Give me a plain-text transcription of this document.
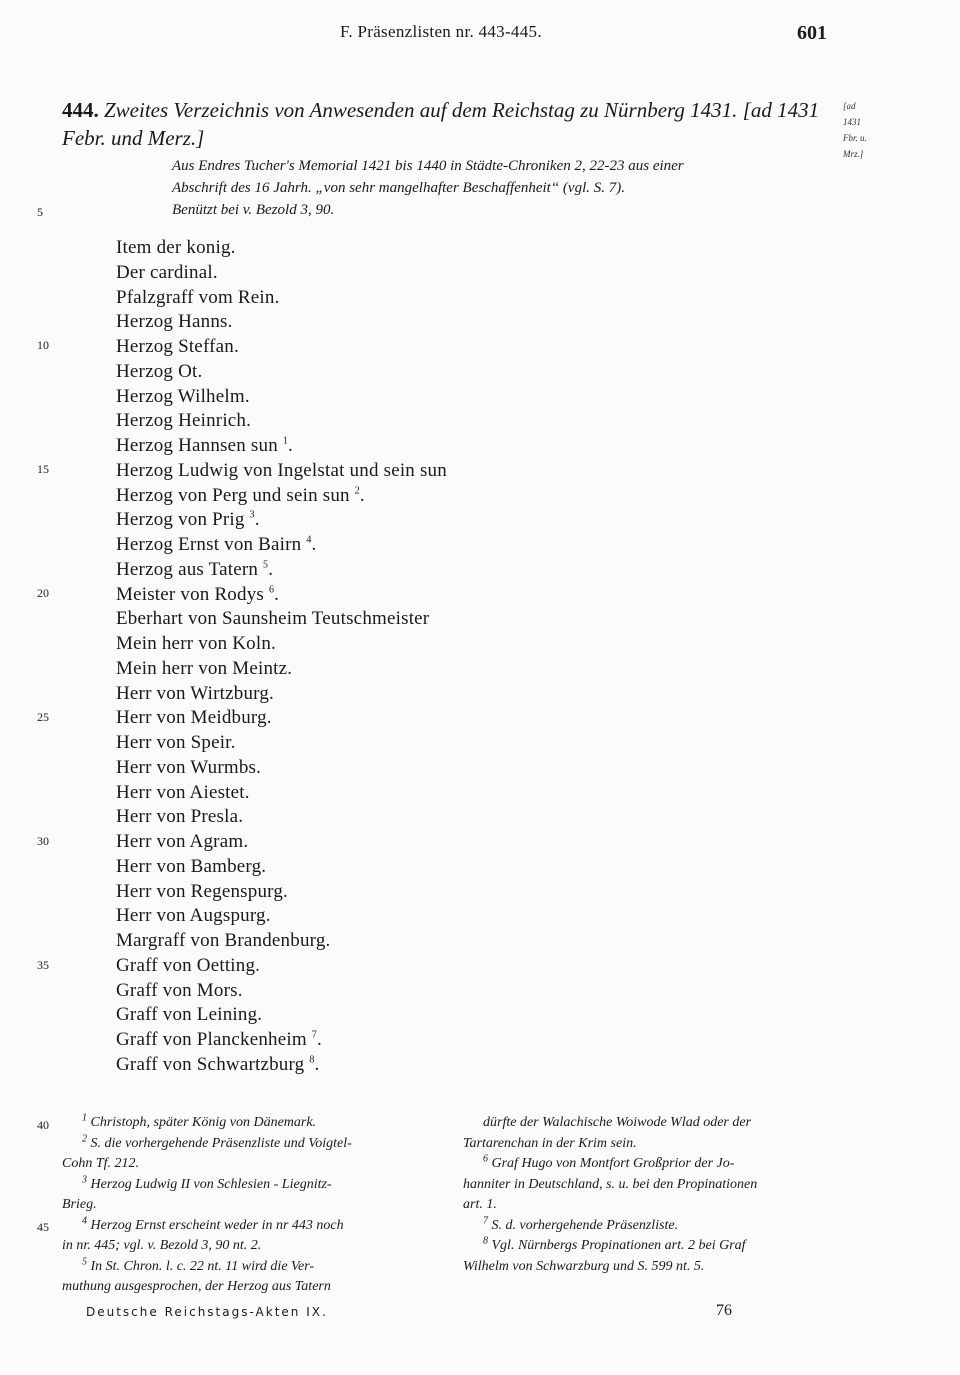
F. Präsenzlisten nr. 443-445.	601
444. Zweites Verzeichnis von Anwesenden auf dem Reichstag zu Nürnberg 1431. [ad 1431 Febr. und Merz.]
[ad
1431
Fbr. u.
Mrz.]
Aus Endres Tucher's Memorial 1421 bis 1440 in Städte-Chroniken 2, 22-23 aus einer
Abschrift des 16 Jahrh. „von sehr mangelhafter Beschaffenheit“ (vgl. S. 7).
Benützt bei v. Bezold 3, 90.
5
10
15
20
25
30
35
40
45
Item der konig.
Der cardinal.
Pfalzgraff vom Rein.
Herzog Hanns.
Herzog Steffan.
Herzog Ot.
Herzog Wilhelm.
Herzog Heinrich.
Herzog Hannsen sun $^1$.
Herzog Ludwig von Ingelstat und sein sun
Herzog von Perg und sein sun $^2$.
Herzog von Prig $^3$.
Herzog Ernst von Bairn $^4$.
Herzog aus Tatern $^5$.
Meister von Rodys $^6$.
Eberhart von Saunsheim Teutschmeister
Mein herr von Koln.
Mein herr von Meintz.
Herr von Wirtzburg.
Herr von Meidburg.
Herr von Speir.
Herr von Wurmbs.
Herr von Aiestet.
Herr von Presla.
Herr von Agram.
Herr von Bamberg.
Herr von Regenspurg.
Herr von Augspurg.
Margraff von Brandenburg.
Graff von Oetting.
Graff von Mors.
Graff von Leining.
Graff von Planckenheim $^7$.
Graff von Schwartzburg $^8$.
$^1$ Christoph, später König von Dänemark.
$^2$ S. die vorhergehende Präsenzliste und Voigtel-
Cohn Tf. 212.
$^3$ Herzog Ludwig II von Schlesien - Liegnitz-
Brieg.
$^4$ Herzog Ernst erscheint weder in nr 443 noch
in nr. 445; vgl. v. Bezold 3, 90 nt. 2.
$^5$ In St. Chron. l. c. 22 nt. 11 wird die Ver-
muthung ausgesprochen, der Herzog aus Tatern
dürfte der Walachische Woiwode Wlad oder der
Tartarenchan in der Krim sein.
$^6$ Graf Hugo von Montfort Großprior der Jo-
hanniter in Deutschland, s. u. bei den Propinationen
art. 1.
$^7$ S. d. vorhergehende Präsenzliste.
$^8$ Vgl. Nürnbergs Propinationen art. 2 bei Graf
Wilhelm von Schwarzburg und S. 599 nt. 5.
Deutsche Reichstags-Akten IX.	76
